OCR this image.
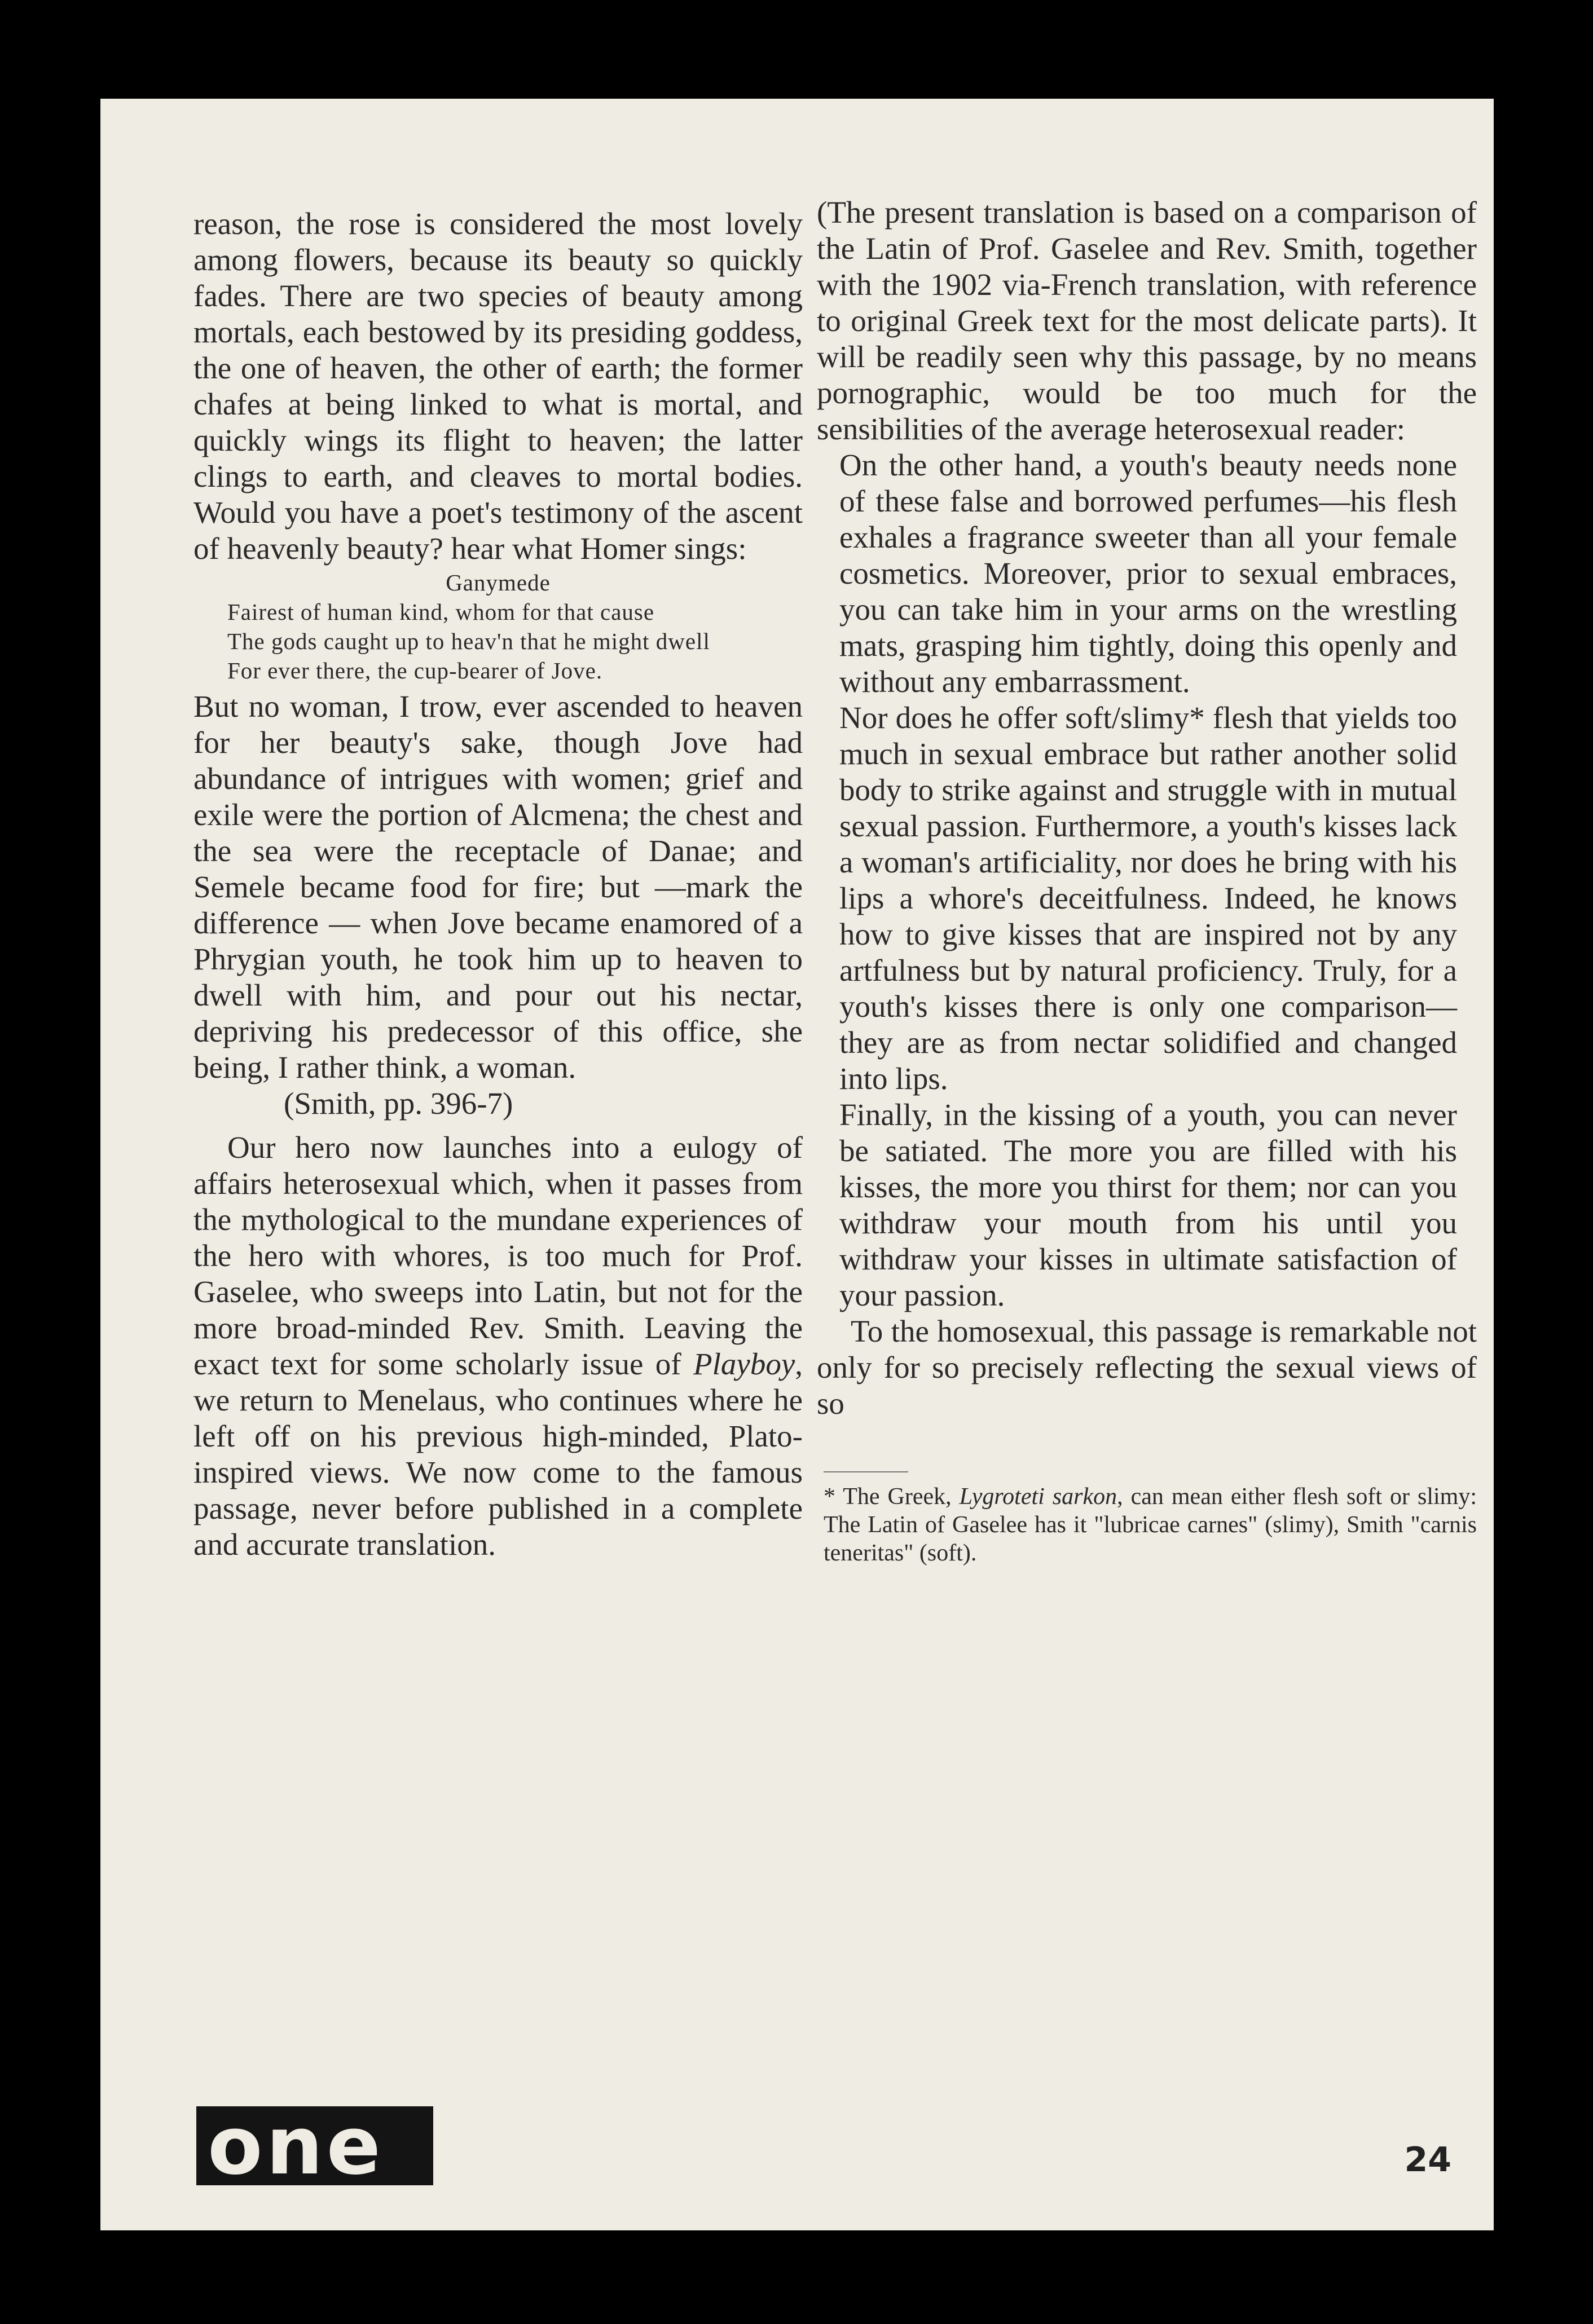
reason, the rose is considered the most lovely among flowers, because its beauty so quickly fades. There are two species of beauty among mortals, each bestowed by its presiding goddess, the one of heaven, the other of earth; the former chafes at being linked to what is mortal, and quickly wings its flight to heaven; the latter clings to earth, and cleaves to mortal bodies. Would you have a poet's testimony of the ascent of heavenly beauty? hear what Homer sings:

Ganymede
Fairest of human kind, whom for that cause
The gods caught up to heav'n that he might dwell
For ever there, the cup-bearer of Jove.

But no woman, I trow, ever ascended to heaven for her beauty's sake, though Jove had abundance of intrigues with women; grief and exile were the portion of Alcmena; the chest and the sea were the receptacle of Danae; and Semele became food for fire; but —mark the difference — when Jove became enamored of a Phrygian youth, he took him up to heaven to dwell with him, and pour out his nectar, depriving his predecessor of this office, she being, I rather think, a woman.

(Smith, pp. 396-7)

Our hero now launches into a eulogy of affairs heterosexual which, when it passes from the mythological to the mundane experiences of the hero with whores, is too much for Prof. Gaselee, who sweeps into Latin, but not for the more broad-minded Rev. Smith. Leaving the exact text for some scholarly issue of Playboy, we return to Menelaus, who continues where he left off on his previous high-minded, Plato-inspired views. We now come to the famous passage, never before published in a complete and accurate translation.

(The present translation is based on a comparison of the Latin of Prof. Gaselee and Rev. Smith, together with the 1902 via-French translation, with reference to original Greek text for the most delicate parts). It will be readily seen why this passage, by no means pornographic, would be too much for the sensibilities of the average heterosexual reader:

On the other hand, a youth's beauty needs none of these false and borrowed perfumes—his flesh exhales a fragrance sweeter than all your female cosmetics. Moreover, prior to sexual embraces, you can take him in your arms on the wrestling mats, grasping him tightly, doing this openly and without any embarrassment.

Nor does he offer soft/slimy* flesh that yields too much in sexual embrace but rather another solid body to strike against and struggle with in mutual sexual passion. Furthermore, a youth's kisses lack a woman's artificiality, nor does he bring with his lips a whore's deceitfulness. Indeed, he knows how to give kisses that are inspired not by any artfulness but by natural proficiency. Truly, for a youth's kisses there is only one comparison—they are as from nectar solidified and changed into lips.

Finally, in the kissing of a youth, you can never be satiated. The more you are filled with his kisses, the more you thirst for them; nor can you withdraw your mouth from his until you withdraw your kisses in ultimate satisfaction of your passion.

To the homosexual, this passage is remarkable not only for so precisely reflecting the sexual views of so

* The Greek, Lygroteti sarkon, can mean either flesh soft or slimy: The Latin of Gaselee has it "lubricae carnes" (slimy), Smith "carnis teneritas" (soft).

one	24
